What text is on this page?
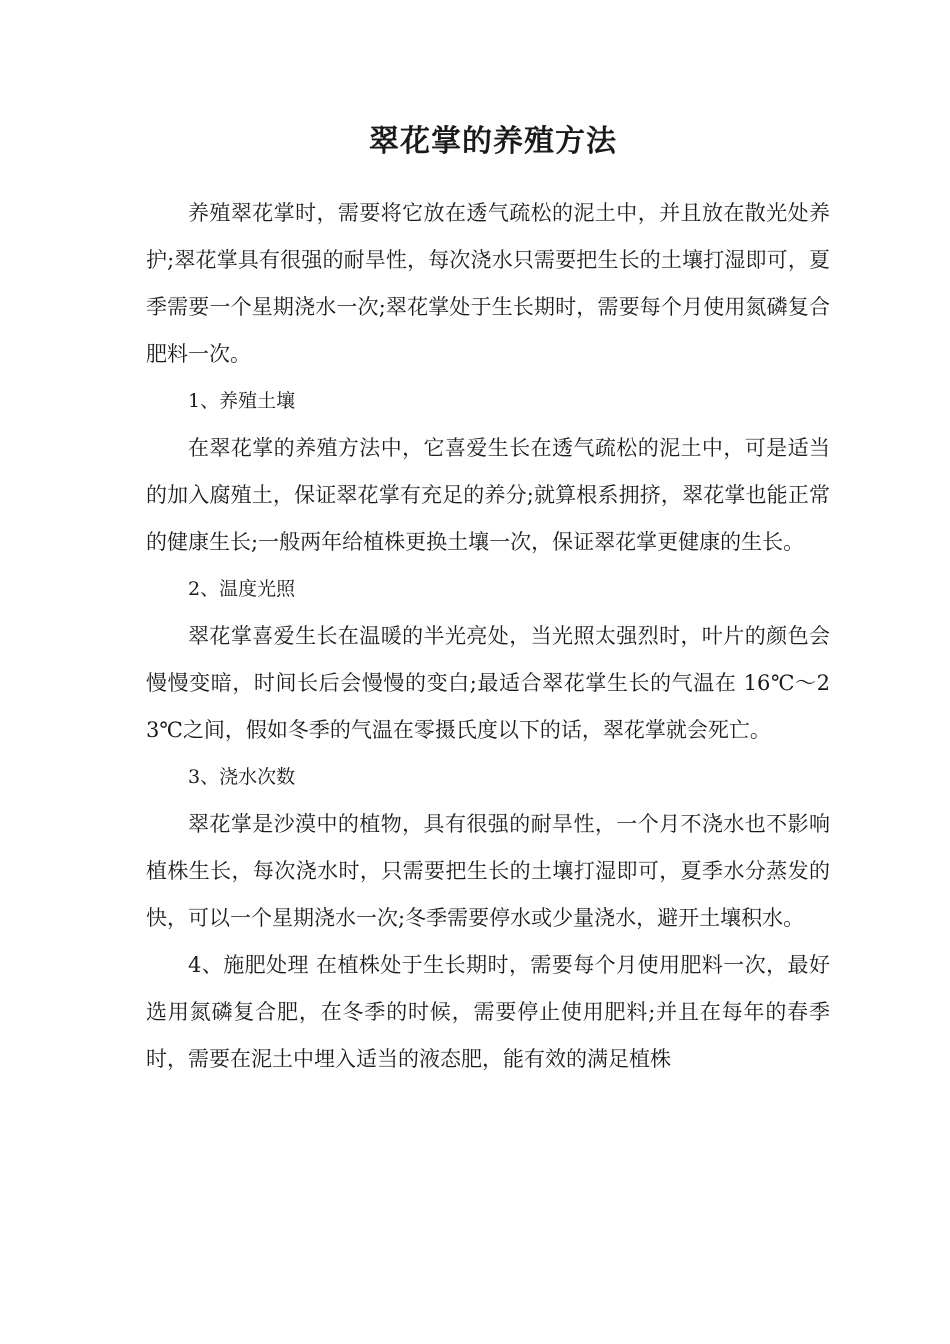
翠花掌的养殖方法

养殖翠花掌时，需要将它放在透气疏松的泥土中，并且放在散光处养护;翠花掌具有很强的耐旱性，每次浇水只需要把生长的土壤打湿即可，夏季需要一个星期浇水一次;翠花掌处于生长期时，需要每个月使用氮磷复合肥料一次。

1、养殖土壤

在翠花掌的养殖方法中，它喜爱生长在透气疏松的泥土中，可是适当的加入腐殖土，保证翠花掌有充足的养分;就算根系拥挤，翠花掌也能正常的健康生长;一般两年给植株更换土壤一次，保证翠花掌更健康的生长。

2、温度光照

翠花掌喜爱生长在温暖的半光亮处，当光照太强烈时，叶片的颜色会慢慢变暗，时间长后会慢慢的变白;最适合翠花掌生长的气温在 16℃～23℃之间，假如冬季的气温在零摄氏度以下的话，翠花掌就会死亡。

3、浇水次数

翠花掌是沙漠中的植物，具有很强的耐旱性，一个月不浇水也不影响植株生长，每次浇水时，只需要把生长的土壤打湿即可，夏季水分蒸发的快，可以一个星期浇水一次;冬季需要停水或少量浇水，避开土壤积水。

4、施肥处理 在植株处于生长期时，需要每个月使用肥料一次，最好选用氮磷复合肥，在冬季的时候，需要停止使用肥料;并且在每年的春季时，需要在泥土中埋入适当的液态肥，能有效的满足植株
